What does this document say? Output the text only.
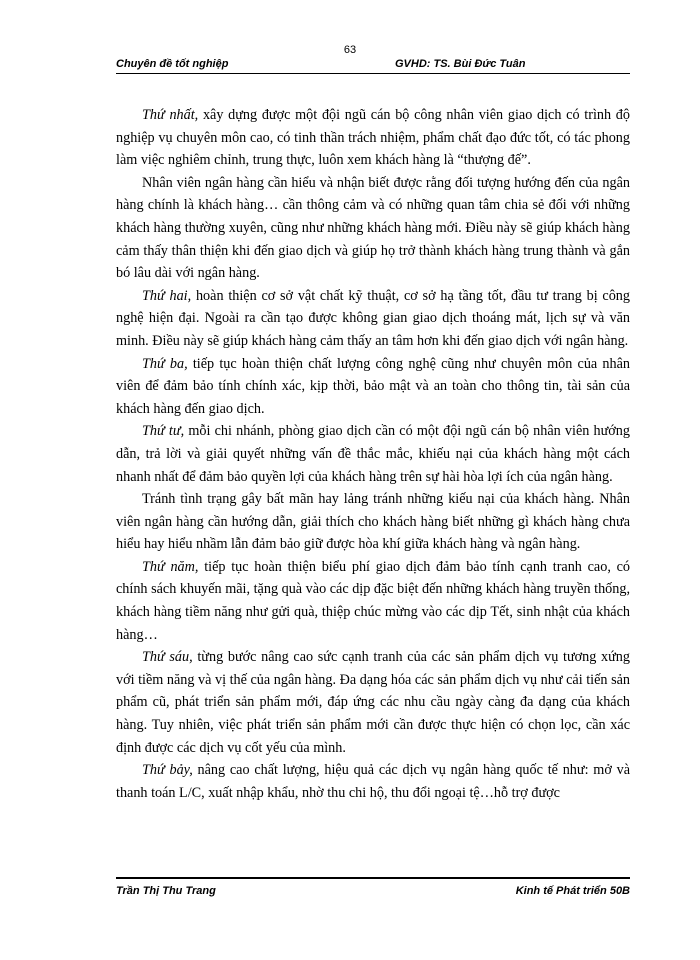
63
Chuyên đề tốt nghiệp	GVHD: TS. Bùi Đức Tuân

Thứ nhất, xây dựng được một đội ngũ cán bộ công nhân viên giao dịch có trình độ nghiệp vụ chuyên môn cao, có tinh thần trách nhiệm, phẩm chất đạo đức tốt, có tác phong làm việc nghiêm chỉnh, trung thực, luôn xem khách hàng là “thượng đế”.

Nhân viên ngân hàng cần hiểu và nhận biết được rằng đối tượng hướng đến của ngân hàng chính là khách hàng… cần thông cảm và có những quan tâm chia sẻ đối với những khách hàng thường xuyên, cũng như những khách hàng mới. Điều này sẽ giúp khách hàng cảm thấy thân thiện khi đến giao dịch và giúp họ trở thành khách hàng trung thành và gắn bó lâu dài với ngân hàng.

Thứ hai, hoàn thiện cơ sở vật chất kỹ thuật, cơ sở hạ tầng tốt, đầu tư trang bị công nghệ hiện đại. Ngoài ra cần tạo được không gian giao dịch thoáng mát, lịch sự và văn minh. Điều này sẽ giúp khách hàng cảm thấy an tâm hơn khi đến giao dịch với ngân hàng.

Thứ ba, tiếp tục hoàn thiện chất lượng công nghệ cũng như chuyên môn của nhân viên để đảm bảo tính chính xác, kịp thời, bảo mật và an toàn cho thông tin, tài sản của khách hàng đến giao dịch.

Thứ tư, mỗi chi nhánh, phòng giao dịch cần có một đội ngũ cán bộ nhân viên hướng dẫn, trả lời và giải quyết những vấn đề thắc mắc, khiếu nại của khách hàng một cách nhanh nhất để đảm bảo quyền lợi của khách hàng trên sự hài hòa lợi ích của ngân hàng.

Tránh tình trạng gây bất mãn hay lảng tránh những kiếu nại của khách hàng. Nhân viên ngân hàng cần hướng dẫn, giải thích cho khách hàng biết những gì khách hàng chưa hiểu hay hiểu nhầm lẫn đảm bảo giữ được hòa khí giữa khách hàng và ngân hàng.

Thứ năm, tiếp tục hoàn thiện biểu phí giao dịch đảm bảo tính cạnh tranh cao, có chính sách khuyến mãi, tặng quà vào các dịp đặc biệt đến những khách hàng truyền thống, khách hàng tiềm năng như gửi quà, thiệp chúc mừng vào các dịp Tết, sinh nhật của khách hàng…

Thứ sáu, từng bước nâng cao sức cạnh tranh của các sản phẩm dịch vụ tương xứng với tiềm năng và vị thế của ngân hàng. Đa dạng hóa các sản phẩm dịch vụ như cải tiến sản phẩm cũ, phát triển sản phẩm mới, đáp ứng các nhu cầu ngày càng đa dạng của khách hàng. Tuy nhiên, việc phát triển sản phẩm mới cần được thực hiện có chọn lọc, cần xác định được các dịch vụ cốt yếu của mình.

Thứ bảy, nâng cao chất lượng, hiệu quả các dịch vụ ngân hàng quốc tế như: mở và thanh toán L/C, xuất nhập khẩu, nhờ thu chi hộ, thu đổi ngoại tệ…hỗ trợ được

Trần Thị Thu Trang	Kinh tế Phát triển 50B
